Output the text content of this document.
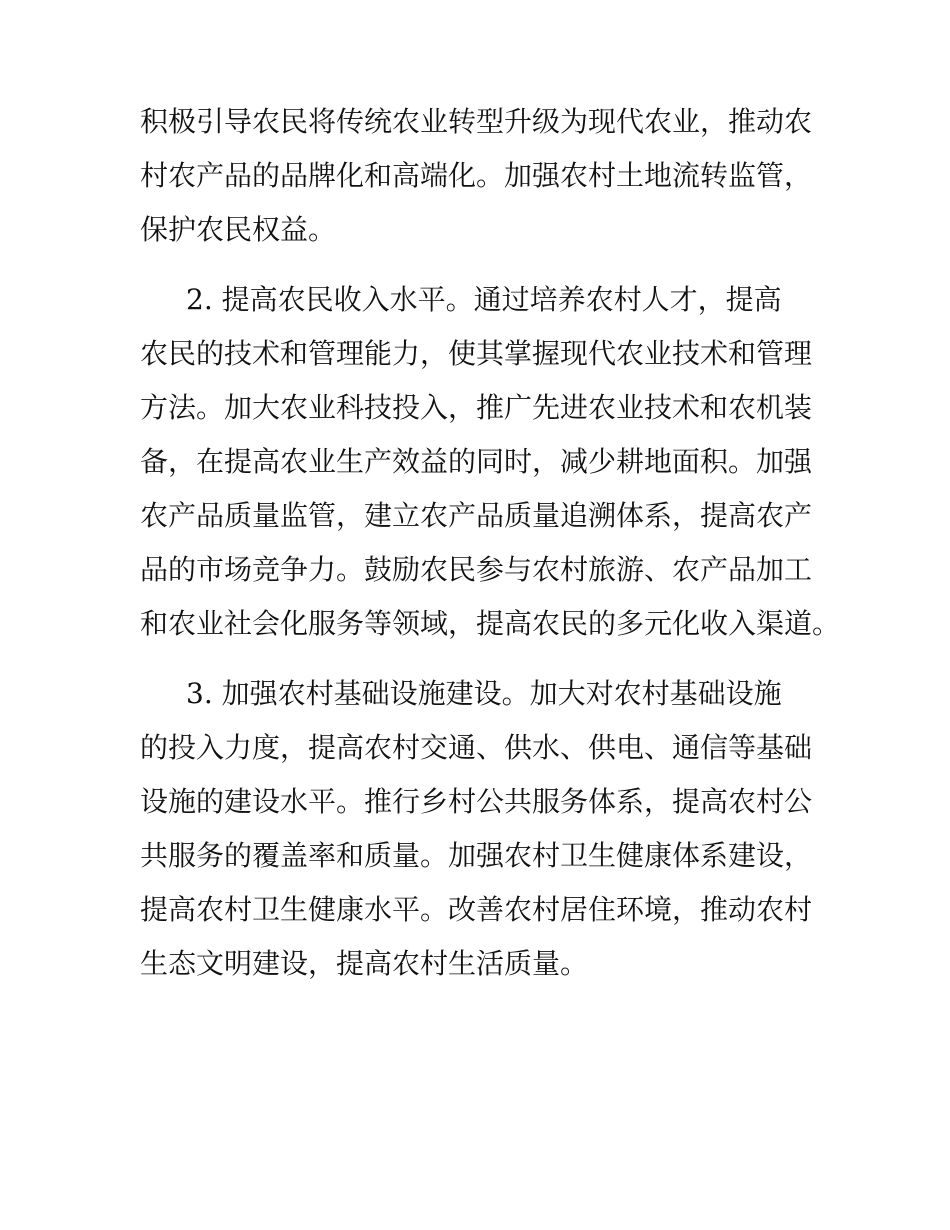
积极引导农民将传统农业转型升级为现代农业，推动农
村农产品的品牌化和高端化。加强农村土地流转监管，
保护农民权益。
2. 提高农民收入水平。通过培养农村人才，提高
农民的技术和管理能力，使其掌握现代农业技术和管理
方法。加大农业科技投入，推广先进农业技术和农机装
备，在提高农业生产效益的同时，减少耕地面积。加强
农产品质量监管，建立农产品质量追溯体系，提高农产
品的市场竞争力。鼓励农民参与农村旅游、农产品加工
和农业社会化服务等领域，提高农民的多元化收入渠道。
3. 加强农村基础设施建设。加大对农村基础设施
的投入力度，提高农村交通、供水、供电、通信等基础
设施的建设水平。推行乡村公共服务体系，提高农村公
共服务的覆盖率和质量。加强农村卫生健康体系建设，
提高农村卫生健康水平。改善农村居住环境，推动农村
生态文明建设，提高农村生活质量。
